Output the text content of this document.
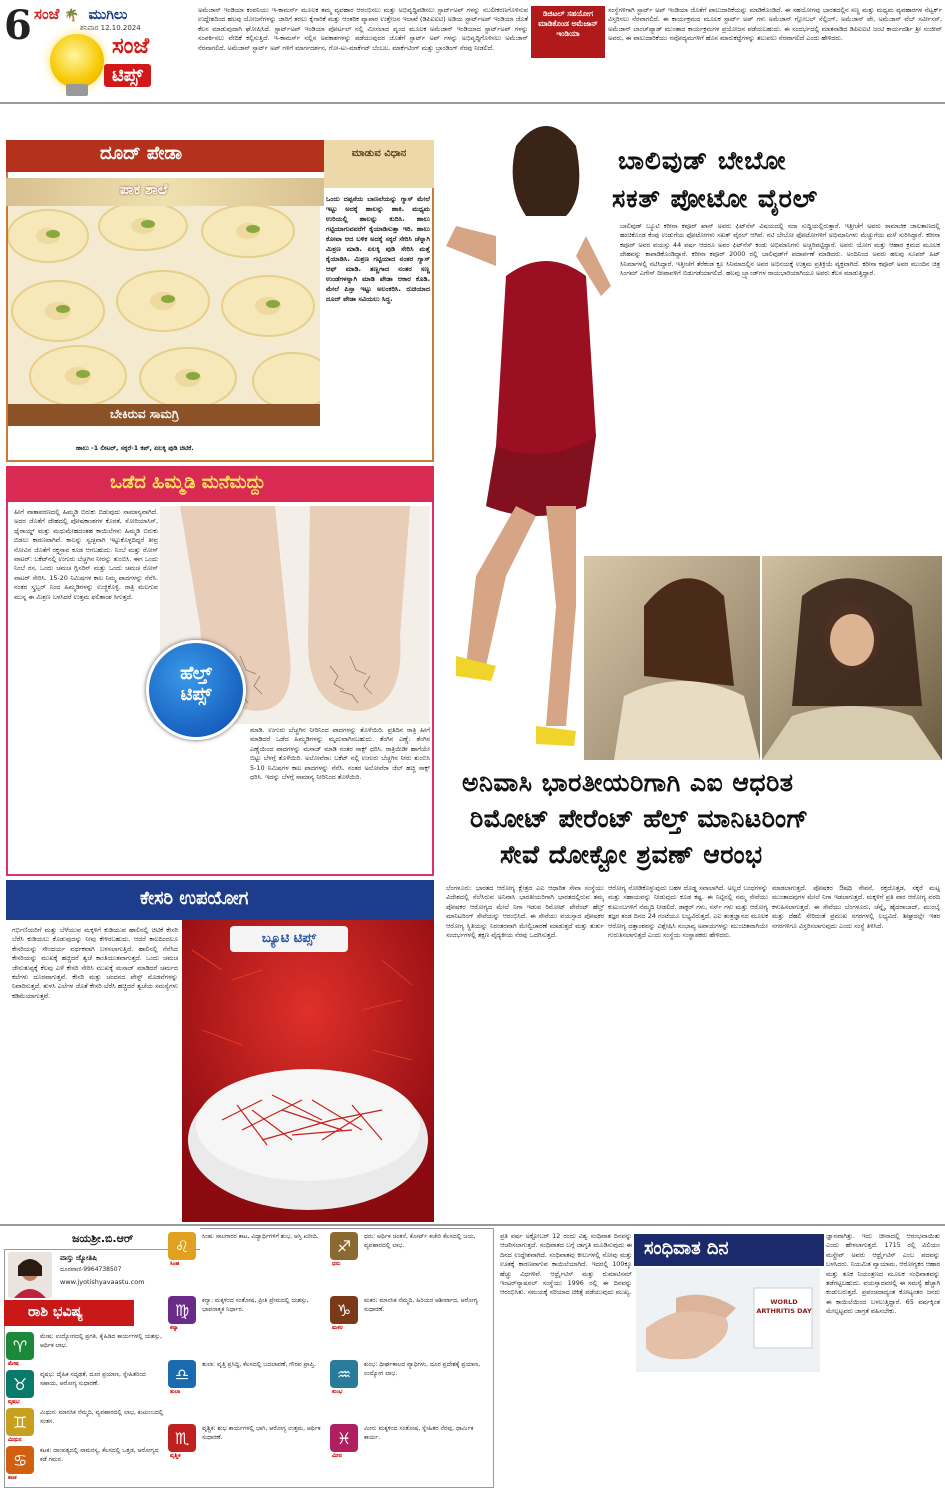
6 ಸಂಜೆ 🌴 ಮುಗಿಲು
ಶನಿವಾರ 12.10.2024
ಸಂಜೆ
ಟಿಪ್ಸ್
ಅಮೆಜಾನ್ ಇಂಡಿಯಾ ಕಂಪನಿಯು ಇ-ಕಾಮರ್ಸ್ ಮೂಲಕ ತಮ್ಮ ವ್ಯವಹಾರ ಆರಂಭಿಸಲು ಮತ್ತು ಅಭಿವೃದ್ಧಿಪಡಿಸಲು ಸ್ಟಾರ್ಟ್‌ಅಪ್ ಗಳನ್ನು ಸಬಲೀಕರಣಗೊಳಿಸುವ ಉದ್ದೇಶದಿಂದ ಹಲವು ಯೋಜನೆಗಳನ್ನು ಜಾರಿಗೆ ತರಲು ಕೈಗಾರಿಕೆ ಮತ್ತು ಆಂತರಿಕ ವ್ಯಾಪಾರ ಉತ್ತೇಜನ ಇಲಾಖೆ (ಡಿಪಿಐಐಟಿ) ಅಡಿಯ ಸ್ಟಾರ್ಟ್‌ಅಪ್ ಇಂಡಿಯಾ ಜೊತೆ ಕೆಲಸ ಮಾಡುವುದಾಗಿ ಘೋಷಿಸಿದೆ. ಸ್ಟಾರ್ಟ್‌ಅಪ್ ಇಂಡಿಯಾ ಪೋರ್ಟಲ್ ನಲ್ಲಿ ಮೀಸಲಾದ ವೃಂದ ಮೂಲಕ ಅಮೆಜಾನ್ ಇಂಡಿಯಾದ ಸ್ಟಾರ್ಟ್‌ಅಪ್ ಗಳನ್ನು ಸಂಪರ್ಕಿಸಲು ವೇದಿಕೆ ಕಲ್ಪಿಸುತ್ತಿದೆ. ಇ-ಕಾಮರ್ಸ್ ನಲ್ಲಿನ ಅವಕಾಶಗಳನ್ನು ಪಡೆಯುವುದರ ಜೊತೆಗೆ ಸ್ಟಾರ್ಟ್ ಅಪ್ ಗಳನ್ನು ಅಭಿವೃದ್ಧಿಗೊಳಿಸಲು ಅಮೆಜಾನ್ ನೆರವಾಗಲಿದೆ. ಅಮೆಜಾನ್ ಸ್ಟಾರ್ಟ್ ಅಪ್ ಗಳಿಗೆ ಮಾರ್ಗದರ್ಶನ, ಗೋ-ಟು-ಮಾರ್ಕೆಟ್ ಬೆಂಬಲ, ಮಾರ್ಕೆಟಿಂಗ್ ಮತ್ತು ಬ್ರಾಂಡಿಂಗ್ ನೆರವು ನೀಡಲಿದೆ.
ಡಿಜಿಟಲ್ ಸಹಯೋಗ ಮಾಡಿಕೊಂಡ ಅಮೆಜಾನ್ ಇಂಡಿಯಾ
ಸಂಸ್ಥೆಗಳಿಗಾಗಿ ಸ್ಟಾರ್ಟ್ ಅಪ್ ಇಂಡಿಯಾ ಜೊತೆಗೆ ಪಾಲುದಾರಿಕೆಯನ್ನು ಮಾಡಿಕೊಂಡಿದೆ. ಈ ಸಹಯೋಗವು ಭಾರತದಲ್ಲಿನ ಸಣ್ಣ ಮತ್ತು ಮಧ್ಯಮ ವ್ಯವಹಾರಗಳ ನೆಟ್ವರ್ಕ್ ವಿಸ್ತರಿಸಲು ನೆರವಾಗಲಿದೆ. ಈ ಕಾರ್ಯಕ್ರಮದ ಮೂಲಕ ಸ್ಟಾರ್ಟ್ ಅಪ್ ಗಳು ಅಮೆಜಾನ್ ಗ್ಲೋಬಲ್ ಸೆಲ್ಲಿಂಗ್, ಅಮೆಜಾನ್ ಪೇ, ಅಮೆಜಾನ್ ವೆಬ್ ಸರ್ವೀಸಸ್, ಅಮೆಜಾನ್ ಲಾಂಚ್‌ಪ್ಯಾಡ್ ಮುಂತಾದ ಕಾರ್ಯಕ್ರಮಗಳ ಪ್ರಯೋಜನ ಪಡೆಯಬಹುದು. ಈ ಸಂದರ್ಭದಲ್ಲಿ ಮಾತನಾಡಿದ ಡಿಪಿಐಐಟಿ ಜಂಟಿ ಕಾರ್ಯದರ್ಶಿ ಶ್ರೀ ಸಂಜೀವ್ ಅವರು, ಈ ಪಾಲುದಾರಿಕೆಯು ನವೋದ್ಯಮಗಳಿಗೆ ಹೊಸ ಮಾರುಕಟ್ಟೆಗಳನ್ನು ತಲುಪಲು ನೆರವಾಗಲಿದೆ ಎಂದು ಹೇಳಿದರು.
ದೂದ್ ಪೇಡಾ	ಮಾಡುವ ವಿಧಾನ
ಪಾಕ ಶಾಲೆ
ಬೇಕಿರುವ ಸಾಮಗ್ರಿ
ಹಾಲು -1 ಲೀಟರ್, ಸಕ್ಕರೆ-1 ಕಪ್, ಏಲಕ್ಕಿ ಪುಡಿ ಚಿಟಿಕೆ.
ಒಂದು ದಪ್ಪನೆಯ ಬಾಣಲೆಯನ್ನು ಗ್ಯಾಸ್ ಮೇಲೆ ಇಟ್ಟು ಅದಕ್ಕೆ ಹಾಲನ್ನು ಹಾಕಿ. ಮಧ್ಯಮ ಉರಿಯಲ್ಲಿ ಹಾಲನ್ನು ಕುದಿಸಿ. ಹಾಲು ಗಟ್ಟಿಯಾಗುವವರೆಗೆ ಕೈಯಾಡಿಸುತ್ತಾ ಇರಿ. ಹಾಲು ಕೋವಾ ಆದ ಬಳಿಕ ಅದಕ್ಕೆ ಸಕ್ಕರೆ ಸೇರಿಸಿ ಚೆನ್ನಾಗಿ ಮಿಶ್ರಣ ಮಾಡಿ. ಏಲಕ್ಕಿ ಪುಡಿ ಸೇರಿಸಿ ಮತ್ತೆ ಕೈಯಾಡಿಸಿ. ಮಿಶ್ರಣ ಗಟ್ಟಿಯಾದ ನಂತರ ಗ್ಯಾಸ್ ಆಫ್ ಮಾಡಿ. ತಣ್ಣಗಾದ ನಂತರ ಸಣ್ಣ ಉಂಡೆಗಳನ್ನಾಗಿ ಮಾಡಿ ಪೇಡಾ ಆಕಾರ ಕೊಡಿ. ಮೇಲೆ ಪಿಸ್ತಾ ಇಟ್ಟು ಅಲಂಕರಿಸಿ. ರುಚಿಯಾದ ದೂದ್ ಪೇಡಾ ಸವಿಯಲು ಸಿದ್ಧ.
ಒಡೆದ ಹಿಮ್ಮಡಿ ಮನೆಮದ್ದು
ಹೀಗೆ ವಾತಾವರಣದಲ್ಲಿ ಹಿಮ್ಮಡಿ ಬಿರುಕು ಬಿಡುವುದು ಸಾಮಾನ್ಯವಾಗಿದೆ. ಅದರ ಜೊತೆಗೆ ದೇಹದಲ್ಲಿ ಪೋಷಕಾಂಶಗಳ ಕೊರತೆ, ಸೋರಿಯಾಸಿಸ್, ಥೈರಾಯ್ಡ್ ಮತ್ತು ಮಧುಮೇಹದಂತಹ ಕಾಯಿಲೆಗಳು ಹಿಮ್ಮಡಿ ಬಿರುಕು ಬಿಡಲು ಕಾರಣವಾಗಿವೆ. ಕಾಲನ್ನು ಸ್ವಚ್ಛವಾಗಿ ಇಟ್ಟುಕೊಳ್ಳದಿದ್ದರೆ ತೀವ್ರ ನೋವಿನ ಜೊತೆಗೆ ರಕ್ತಸ್ರಾವ ಕೂಡ ಆಗಬಹುದು. ನಿಂಬೆ ಮತ್ತು ರೋಸ್ ವಾಟರ್: ಬಕೆಟ್‌ನಲ್ಲಿ ಉಗುರು ಬೆಚ್ಚಗಿನ ನೀರನ್ನು ತುಂಬಿಸಿ. ಈಗ ಒಂದು ನಿಂಬೆ ರಸ, ಒಂದು ಚಮಚ ಗ್ಲಿಸರಿನ್ ಮತ್ತು ಒಂದು ಚಮಚ ರೋಸ್ ವಾಟರ್ ಸೇರಿಸಿ. 15-20 ನಿಮಿಷಗಳ ಕಾಲ ನಿಮ್ಮ ಪಾದಗಳನ್ನು ನೆನೆಸಿ. ನಂತರ ಸ್ಕ್ರಬ್ಬರ್ ನಿಂದ ಹಿಮ್ಮಡಿಗಳನ್ನು ಉಜ್ಜಿಕೊಳ್ಳಿ. ರಾತ್ರಿ ಮಲಗುವ ಮುನ್ನ ಈ ಮಿಶ್ರಣ ಬಳಸಿದರೆ ಉತ್ತಮ ಫಲಿತಾಂಶ ಸಿಗುತ್ತದೆ.
ಹೆಲ್ತ್
ಟಿಪ್ಸ್
ಮಾಡಿ. ಉಗುರು ಬೆಚ್ಚಗಿನ ನೀರಿನಿಂದ ಪಾದಗಳನ್ನು ತೊಳೆಯಿರಿ. ಪ್ರತಿದಿನ ರಾತ್ರಿ ಹೀಗೆ ಮಾಡಿದರೆ ಒಡೆದ ಹಿಮ್ಮಡಿಗಳನ್ನು ಮೃದುವಾಗಿಸಬಹುದು. ತೆಂಗಿನ ಎಣ್ಣೆ: ತೆಂಗಿನ ಎಣ್ಣೆಯಿಂದ ಪಾದಗಳನ್ನು ಮಸಾಜ್ ಮಾಡಿ ನಂತರ ಸಾಕ್ಸ್ ಧರಿಸಿ. ರಾತ್ರಿಯಿಡೀ ಹಾಗೆಯೇ ಬಿಟ್ಟು ಬೆಳಗ್ಗೆ ತೊಳೆಯಿರಿ. ಅಲೋವೆರಾ: ಬಕೆಟ್ ನಲ್ಲಿ ಉಗುರು ಬೆಚ್ಚಗಿನ ನೀರು ತುಂಬಿಸಿ 5-10 ನಿಮಿಷಗಳ ಕಾಲ ಪಾದಗಳನ್ನು ನೆನೆಸಿ. ನಂತರ ಅಲೋವೆರಾ ಜೆಲ್ ಹಚ್ಚಿ ಸಾಕ್ಸ್ ಧರಿಸಿ. ಇದನ್ನು ಬೆಳಗ್ಗೆ ಸಾಮಾನ್ಯ ನೀರಿನಿಂದ ತೊಳೆಯಿರಿ.
ಕೇಸರಿ ಉಪಯೋಗ
ಗರ್ಭಿಣಿಯರಿಗೆ ಮತ್ತು ಬೆಳೆಯುವ ಮಕ್ಕಳಿಗೆ ಕುಡಿಯುವ ಹಾಲಿನಲ್ಲಿ ಚಿಟಿಕೆ ಕೇಸರಿ ಬೆರೆಸಿ ಕುಡಿಯಲು ಕೊಡುವುದನ್ನು ನೀವು ಕೇಳಿರಬಹುದು. ಆದರೆ ಕಾಲದಿಂದಲೂ ಕೇಸರಿಯನ್ನು ಸೌಂದರ್ಯ ವರ್ಧಕವಾಗಿ ಬಳಸಲಾಗುತ್ತಿದೆ. ಹಾಲಿನಲ್ಲಿ ನೆನೆಸಿದ ಕೇಸರಿಯನ್ನು ಮುಖಕ್ಕೆ ಹಚ್ಚಿದರೆ ತ್ವಚೆ ಕಾಂತಿಯುತವಾಗುತ್ತದೆ. ಒಂದು ಚಮಚ ಜೇನುತುಪ್ಪಕ್ಕೆ ಕೆಲವು ಎಳೆ ಕೇಸರಿ ಸೇರಿಸಿ ಮುಖಕ್ಕೆ ಮಸಾಜ್ ಮಾಡಿದರೆ ಚರ್ಮದ ಕಲೆಗಳು ದೂರವಾಗುತ್ತವೆ. ಕೇಸರಿ ಮತ್ತು ಚಂದನದ ಪೇಸ್ಟ್ ಮೊಡವೆಗಳನ್ನು ನಿವಾರಿಸುತ್ತದೆ. ತುಳಸಿ ಎಲೆಗಳ ಜೊತೆ ಕೇಸರಿ ಬೆರೆಸಿ ಹಚ್ಚಿದರೆ ತ್ವಚೆಯ ಸಮಸ್ಯೆಗಳು ಕಡಿಮೆಯಾಗುತ್ತವೆ.
ಬ್ಯೂಟಿ ಟಿಪ್ಸ್
ಬಾಲಿವುಡ್ ಬೇಬೋ
ಸಕತ್ ಪೋಟೋ ವೈರಲ್
ಬಾಲಿವುಡ್ ಬ್ಯೂಟಿ ಕರೀನಾ ಕಪೂರ್ ಖಾನ್ ಅವರು ಫಿಟ್‌ನೆಸ್ ವಿಷಯದಲ್ಲಿ ಸದಾ ಸುದ್ದಿಯಲ್ಲಿರುತ್ತಾರೆ. ಇತ್ತೀಚೆಗೆ ಅವರು ಸಾಮಾಜಿಕ ಜಾಲತಾಣದಲ್ಲಿ ಹಂಚಿಕೊಂಡ ಕೆಂಪು ಉಡುಗೆಯ ಫೋಟೋಗಳು ಸಖತ್ ವೈರಲ್ ಆಗಿವೆ. ನಟಿ ಬೇಬೋ ಫೋಟೋಗಳಿಗೆ ಅಭಿಮಾನಿಗಳು ಮೆಚ್ಚುಗೆಯ ಮಳೆ ಸುರಿಸಿದ್ದಾರೆ. ಕರೀನಾ ಕಪೂರ್ ಅವರ ವಯಸ್ಸು 44 ವರ್ಷ ಆದರೂ ಅವರ ಫಿಟ್‌ನೆಸ್ ಕಂಡು ಅಭಿಮಾನಿಗಳು ಅಚ್ಚರಿಪಟ್ಟಿದ್ದಾರೆ. ಅವರು ಯೋಗ ಮತ್ತು ಆಹಾರ ಕ್ರಮದ ಮೂಲಕ ದೇಹವನ್ನು ಕಾಪಾಡಿಕೊಂಡಿದ್ದಾರೆ. ಕರೀನಾ ಕಪೂರ್ 2000 ರಲ್ಲಿ ಬಾಲಿವುಡ್‌ಗೆ ಪದಾರ್ಪಣೆ ಮಾಡಿದರು. ಅಂದಿನಿಂದ ಅವರು ಹಲವು ಸೂಪರ್ ಹಿಟ್ ಸಿನಿಮಾಗಳಲ್ಲಿ ನಟಿಸಿದ್ದಾರೆ. ಇತ್ತೀಚೆಗೆ ತೆರೆಕಂಡ ಕ್ರೂ ಸಿನಿಮಾದಲ್ಲಿನ ಅವರ ಅಭಿನಯಕ್ಕೆ ಉತ್ತಮ ಪ್ರತಿಕ್ರಿಯೆ ವ್ಯಕ್ತವಾಗಿದೆ. ಕರೀನಾ ಕಪೂರ್ ಅವರ ಮುಂದಿನ ಚಿತ್ರ ಸಿಂಗಮ್ ಎಗೇನ್ ದೀಪಾವಳಿಗೆ ಬಿಡುಗಡೆಯಾಗಲಿದೆ. ಹಲವು ಬ್ರ್ಯಾಂಡ್‌ಗಳ ರಾಯಭಾರಿಯಾಗಿಯೂ ಅವರು ಕೆಲಸ ಮಾಡುತ್ತಿದ್ದಾರೆ.
ಅನಿವಾಸಿ ಭಾರತೀಯರಿಗಾಗಿ ಎಐ ಆಧರಿತ
ರಿಮೋಟ್ ಪೇರೆಂಟ್ ಹೆಲ್ತ್ ಮಾನಿಟರಿಂಗ್
ಸೇವೆ ದೋಕ್ಟೋ ಶ್ರವಣ್ ಆರಂಭ
ಬೆಂಗಳೂರು: ಭಾರತದ ಆರೋಗ್ಯ ಕ್ಷೇತ್ರದ ಎಐ ಆಧಾರಿತ ಸೇವಾ ಸಂಸ್ಥೆಯು ವಿದೇಶದಲ್ಲಿ ನೆಲೆಸಿರುವ ಅನಿವಾಸಿ ಭಾರತೀಯರಿಗಾಗಿ ಭಾರತದಲ್ಲಿರುವ ತಮ್ಮ ಪೋಷಕರ ಆರೋಗ್ಯದ ಮೇಲೆ ನಿಗಾ ಇಡುವ ರಿಮೋಟ್ ಪೇರೆಂಟ್ ಹೆಲ್ತ್ ಮಾನಿಟರಿಂಗ್ ಸೇವೆಯನ್ನು ಆರಂಭಿಸಿದೆ. ಈ ಸೇವೆಯು ವಯಸ್ಸಾದ ಪೋಷಕರ ಆರೋಗ್ಯ ಸ್ಥಿತಿಯನ್ನು ನಿರಂತರವಾಗಿ ಮೇಲ್ವಿಚಾರಣೆ ಮಾಡುತ್ತದೆ ಮತ್ತು ತುರ್ತು ಸಂದರ್ಭಗಳಲ್ಲಿ ತಕ್ಷಣ ವೈದ್ಯಕೀಯ ನೆರವು ಒದಗಿಸುತ್ತದೆ.
ಆರೋಗ್ಯ ನೋಡಿಕೊಳ್ಳುವುದು ಬಹಳ ದೊಡ್ಡ ಸವಾಲಾಗಿದೆ. ಅಲ್ಲದೆ ಬಂಧಗಳನ್ನು ಮತ್ತು ಸಹಾಯವನ್ನು ನೀಡುವುದು ಕೂಡ ಕಷ್ಟ. ಈ ನಿಟ್ಟಿನಲ್ಲಿ ನಮ್ಮ ಸೇವೆಯು ಕುಟುಂಬಗಳಿಗೆ ನೆಮ್ಮದಿ ನೀಡಲಿದೆ. ಡಾಕ್ಟರ್ ಗಳು, ನರ್ಸ್ ಗಳು ಮತ್ತು ಆರೋಗ್ಯ ತಜ್ಞರ ತಂಡ ದಿನದ 24 ಗಂಟೆಯೂ ಲಭ್ಯವಿರುತ್ತದೆ. ಎಐ ತಂತ್ರಜ್ಞಾನದ ಮೂಲಕ ಆರೋಗ್ಯ ದತ್ತಾಂಶವನ್ನು ವಿಶ್ಲೇಷಿಸಿ ಸಂಭಾವ್ಯ ಅಪಾಯಗಳನ್ನು ಮುಂಚಿತವಾಗಿಯೇ ಗುರುತಿಸಲಾಗುತ್ತದೆ ಎಂದು ಸಂಸ್ಥೆಯ ಸಂಸ್ಥಾಪಕರು ಹೇಳಿದರು.
ಮಾಡಲಾಗುತ್ತದೆ. ಪೋಷಕರ ಔಷಧಿ ಸೇವನೆ, ರಕ್ತದೊತ್ತಡ, ಸಕ್ಕರೆ ಮಟ್ಟ ಮುಂತಾದವುಗಳ ಮೇಲೆ ನಿಗಾ ಇಡಲಾಗುತ್ತದೆ. ಮಕ್ಕಳಿಗೆ ಪ್ರತಿ ವಾರ ಆರೋಗ್ಯ ವರದಿ ಕಳುಹಿಸಲಾಗುತ್ತದೆ. ಈ ಸೇವೆಯು ಬೆಂಗಳೂರು, ಚೆನ್ನೈ, ಹೈದರಾಬಾದ್, ಮುಂಬೈ ಮತ್ತು ದೆಹಲಿ ಸೇರಿದಂತೆ ಪ್ರಮುಖ ನಗರಗಳಲ್ಲಿ ಲಭ್ಯವಿದೆ. ಶೀಘ್ರದಲ್ಲೇ ಇತರ ನಗರಗಳಿಗೂ ವಿಸ್ತರಿಸಲಾಗುವುದು ಎಂದು ಸಂಸ್ಥೆ ತಿಳಿಸಿದೆ.
ಜಯಶ್ರೀ.ಬಿ.ಆರ್
ವಾಸ್ತು ಜ್ಯೋತಿಷಿ
ದೂರವಾಣಿ-9964738507
www.jyotishyavaastu.com
ರಾಶಿ ಭವಿಷ್ಯ
♈
ಮೇಷ
ಮೇಷ: ಉದ್ಯೋಗದಲ್ಲಿ ಪ್ರಗತಿ, ಕೈಹಿಡಿದ ಕಾರ್ಯಗಳಲ್ಲಿ ಯಶಸ್ಸು, ಆರ್ಥಿಕ ಲಾಭ.
♉
ವೃಷಭ
ವೃಷಭ: ದೈಹಿಕ ಸದೃಢತೆ, ದೂರ ಪ್ರಯಾಣ, ಸ್ನೇಹಿತರಿಂದ ಸಹಾಯ, ಆರೋಗ್ಯ ಸುಧಾರಣೆ.
♊
ಮಿಥುನ
ಮಿಥುನ: ಮಾನಸಿಕ ನೆಮ್ಮದಿ, ವ್ಯವಹಾರದಲ್ಲಿ ಲಾಭ, ಕುಟುಂಬದಲ್ಲಿ ಸಂತಸ.
♋
ಕಟಕ
ಕಟಕ: ದಾಂಪತ್ಯದಲ್ಲಿ ಸಾಮರಸ್ಯ, ಕೆಲಸದಲ್ಲಿ ಒತ್ತಡ, ಆರೋಗ್ಯದ ಕಡೆ ಗಮನ.
♌
ಸಿಂಹ
ಸಿಂಹ: ಸಾಲಗಾರರ ಕಾಟ, ವಿದ್ಯಾರ್ಥಿಗಳಿಗೆ ಶುಭ, ಆಸ್ತಿ ಖರೀದಿ.
♍
ಕನ್ಯಾ
ಕನ್ಯಾ: ಮಕ್ಕಳಿಂದ ಸಂತೋಷ, ಪ್ರೀತಿ ಪ್ರೇಮದಲ್ಲಿ ಯಶಸ್ಸು, ಭಾವನಾತ್ಮಕ ನಿರ್ಧಾರ.
♎
ತುಲಾ
ತುಲಾ: ವೃತ್ತಿ ಪ್ರಸಿದ್ಧಿ, ಕೆಲಸದಲ್ಲಿ ಬದಲಾವಣೆ, ಗೌರವ ಪ್ರಾಪ್ತಿ.
♏
ವೃಶ್ಚಿಕ
ವೃಶ್ಚಿಕ: ಶುಭ ಕಾರ್ಯಗಳಲ್ಲಿ ಭಾಗಿ, ಆರೋಗ್ಯ ಉತ್ತಮ, ಆರ್ಥಿಕ ಸುಧಾರಣೆ.
♐
ಧನು
ಧನು: ಆರ್ಥಿಕ ಚಿಂತನೆ, ಕೋರ್ಟ್ ಕಚೇರಿ ಕೆಲಸದಲ್ಲಿ ಜಯ, ವ್ಯವಹಾರದಲ್ಲಿ ಲಾಭ.
♑
ಮಕರ
ಮಕರ: ಮಾನಸಿಕ ನೆಮ್ಮದಿ, ಹಿರಿಯರ ಆಶೀರ್ವಾದ, ಆರೋಗ್ಯ ಸುಧಾರಣೆ.
♒
ಕುಂಭ
ಕುಂಭ: ಧೀರ್ಘಕಾಲದ ವ್ಯಾಧಿಗಳು, ದೂರ ಪ್ರದೇಶಕ್ಕೆ ಪ್ರಯಾಣ, ಉದ್ಯೋಗ ಲಾಭ.
♓
ಮೀನ
ಮೀನ: ಮಕ್ಕಳಿಂದ ಸಂತೋಷ, ಸ್ನೇಹಿತರ ನೆರವು, ಧಾರ್ಮಿಕ ಕಾರ್ಯ.
ಪ್ರತಿ ವರ್ಷ ಅಕ್ಟೋಬರ್ 12 ರಂದು ವಿಶ್ವ ಸಂಧಿವಾತ ದಿನವನ್ನು ಆಚರಿಸಲಾಗುತ್ತದೆ. ಸಂಧಿವಾತದ ಬಗ್ಗೆ ಜಾಗೃತಿ ಮೂಡಿಸುವುದು ಈ ದಿನದ ಉದ್ದೇಶವಾಗಿದೆ. ಸಂಧಿವಾತವು ಕೀಲುಗಳಲ್ಲಿ ನೋವು ಮತ್ತು ಊತಕ್ಕೆ ಕಾರಣವಾಗುವ ಕಾಯಿಲೆಯಾಗಿದೆ. ಇದರಲ್ಲಿ 100ಕ್ಕೂ ಹೆಚ್ಚು ವಿಧಗಳಿವೆ. ಆರ್ಥ್ರೈಟಿಸ್ ಮತ್ತು ರುಮಾಟಿಸಮ್ ಇಂಟರ್‌ನ್ಯಾಷನಲ್ ಸಂಸ್ಥೆಯು 1996 ರಲ್ಲಿ ಈ ದಿನವನ್ನು ಆರಂಭಿಸಿತು. ಸಮಯಕ್ಕೆ ಸರಿಯಾದ ಚಿಕಿತ್ಸೆ ಪಡೆಯುವುದು ಮುಖ್ಯ.
ಸಂಧಿವಾತ ದಿನ
WORLD ARTHRITIS DAY
ಜ್ಞಾನವಾಗಿತ್ತು. ಇದು ಚೀನಾದಲ್ಲಿ ಆರಂಭವಾಯಿತು ಎಂದು ಹೇಳಲಾಗುತ್ತದೆ. 1715 ರಲ್ಲಿ ವಿಲಿಯಂ ಮಸ್ಗ್ರೇವ್ ಅವರು ಆರ್ಥ್ರೈಟಿಸ್ ಎಂಬ ಪದವನ್ನು ಬಳಸಿದರು. ನಿಯಮಿತ ವ್ಯಾಯಾಮ, ಆರೋಗ್ಯಕರ ಆಹಾರ ಮತ್ತು ತೂಕ ನಿಯಂತ್ರಣದ ಮೂಲಕ ಸಂಧಿವಾತವನ್ನು ತಡೆಗಟ್ಟಬಹುದು. ವಯಸ್ಸಾದವರಲ್ಲಿ ಈ ಸಮಸ್ಯೆ ಹೆಚ್ಚಾಗಿ ಕಂಡುಬರುತ್ತದೆ. ಪ್ರಪಂಚದಾದ್ಯಂತ ಕೋಟ್ಯಂತರ ಜನರು ಈ ಕಾಯಿಲೆಯಿಂದ ಬಳಲುತ್ತಿದ್ದಾರೆ. 65 ವರ್ಷಕ್ಕಿಂತ ಮೇಲ್ಪಟ್ಟವರು ಜಾಗ್ರತೆ ವಹಿಸಬೇಕು.
